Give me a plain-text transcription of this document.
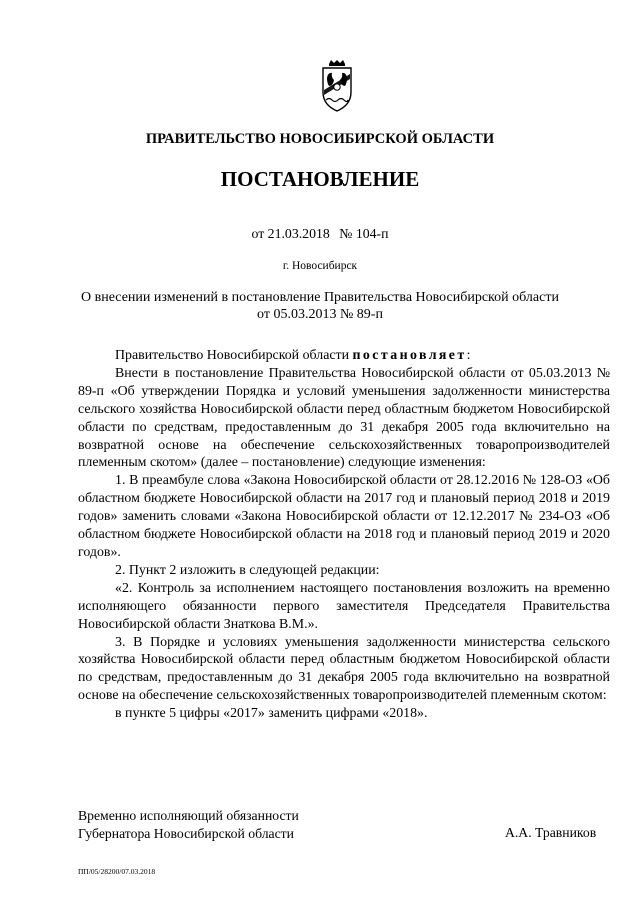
ПРАВИТЕЛЬСТВО НОВОСИБИРСКОЙ ОБЛАСТИ
ПОСТАНОВЛЕНИЕ
от 21.03.2018 № 104-п
г. Новосибирск
О внесении изменений в постановление Правительства Новосибирской области
от 05.03.2013 № 89-п

Правительство Новосибирской области постановляет:

Внести в постановление Правительства Новосибирской области от 05.03.2013 № 89-п «Об утверждении Порядка и условий уменьшения задолженности министерства сельского хозяйства Новосибирской области перед областным бюджетом Новосибирской области по средствам, предоставленным до 31 декабря 2005 года включительно на возвратной основе на обеспечение сельскохозяйственных товаропроизводителей племенным скотом» (далее – постановление) следующие изменения:

1. В преамбуле слова «Закона Новосибирской области от 28.12.2016 № 128-ОЗ «Об областном бюджете Новосибирской области на 2017 год и плановый период 2018 и 2019 годов» заменить словами «Закона Новосибирской области от 12.12.2017 № 234-ОЗ «Об областном бюджете Новосибирской области на 2018 год и плановый период 2019 и 2020 годов».

2. Пункт 2 изложить в следующей редакции:

«2. Контроль за исполнением настоящего постановления возложить на временно исполняющего обязанности первого заместителя Председателя Правительства Новосибирской области Знаткова В.М.».

3. В Порядке и условиях уменьшения задолженности министерства сельского хозяйства Новосибирской области перед областным бюджетом Новосибирской области по средствам, предоставленным до 31 декабря 2005 года включительно на возвратной основе на обеспечение сельскохозяйственных товаропроизводителей племенным скотом:

в пункте 5 цифры «2017» заменить цифрами «2018».

Временно исполняющий обязанности
Губернатора Новосибирской области	А.А. Травников
ПП/05/28200/07.03.2018
